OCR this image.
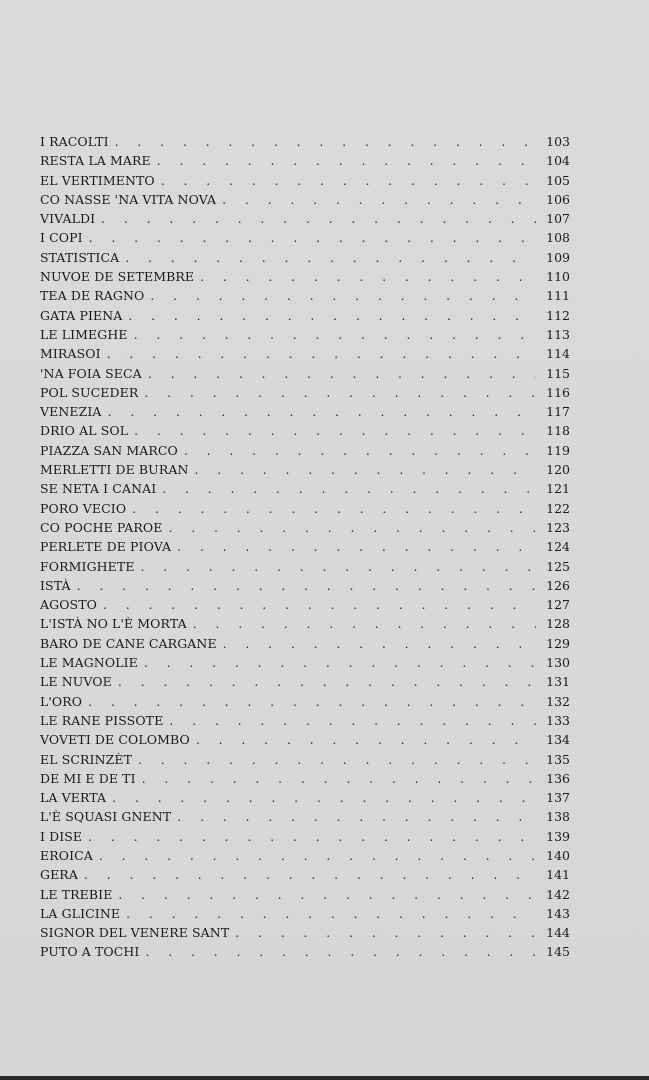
I RACOLTI . . .	103
RESTA LA MARE . . .	104
EL VERTIMENTO . . .	105
CO NASSE 'NA VITA NOVA . . .	106
VIVALDI . . .	107
I COPI . . .	108
STATISTICA . . .	109
NUVOE DE SETEMBRE . . .	110
TEA DE RAGNO . . .	111
GATA PIENA . . .	112
LE LIMEGHE . . .	113
MIRASOI . . .	114
'NA FOIA SECA . . .	115
POL SUCEDER . . .	116
VENEZIA . . .	117
DRIO AL SOL . . .	118
PIAZZA SAN MARCO . . .	119
MERLETTI DE BURAN . . .	120
SE NETA I CANAI . . .	121
PORO VECIO . . .	122
CO POCHE PAROE . . .	123
PERLETE DE PIOVA . . .	124
FORMIGHETE . . .	125
ISTÀ . . .	126
AGOSTO . . .	127
L'ISTÀ NO L'È MORTA . . .	128
BARO DE CANE CARGANE . . .	129
LE MAGNOLIE . . .	130
LE NUVOE . . .	131
L'ORO . . .	132
LE RANE PISSOTE . . .	133
VOVETI DE COLOMBO . . .	134
EL SCRINZÈT . . .	135
DE MI E DE TI . . .	136
LA VERTA . . .	137
L'È SQUASI GNENT . . .	138
I DISE . . .	139
EROICA . . .	140
GERA . . .	141
LE TREBIE . . .	142
LA GLICINE . . .	143
SIGNOR DEL VENERE SANT . . .	144
PUTO A TOCHI . . .	145
